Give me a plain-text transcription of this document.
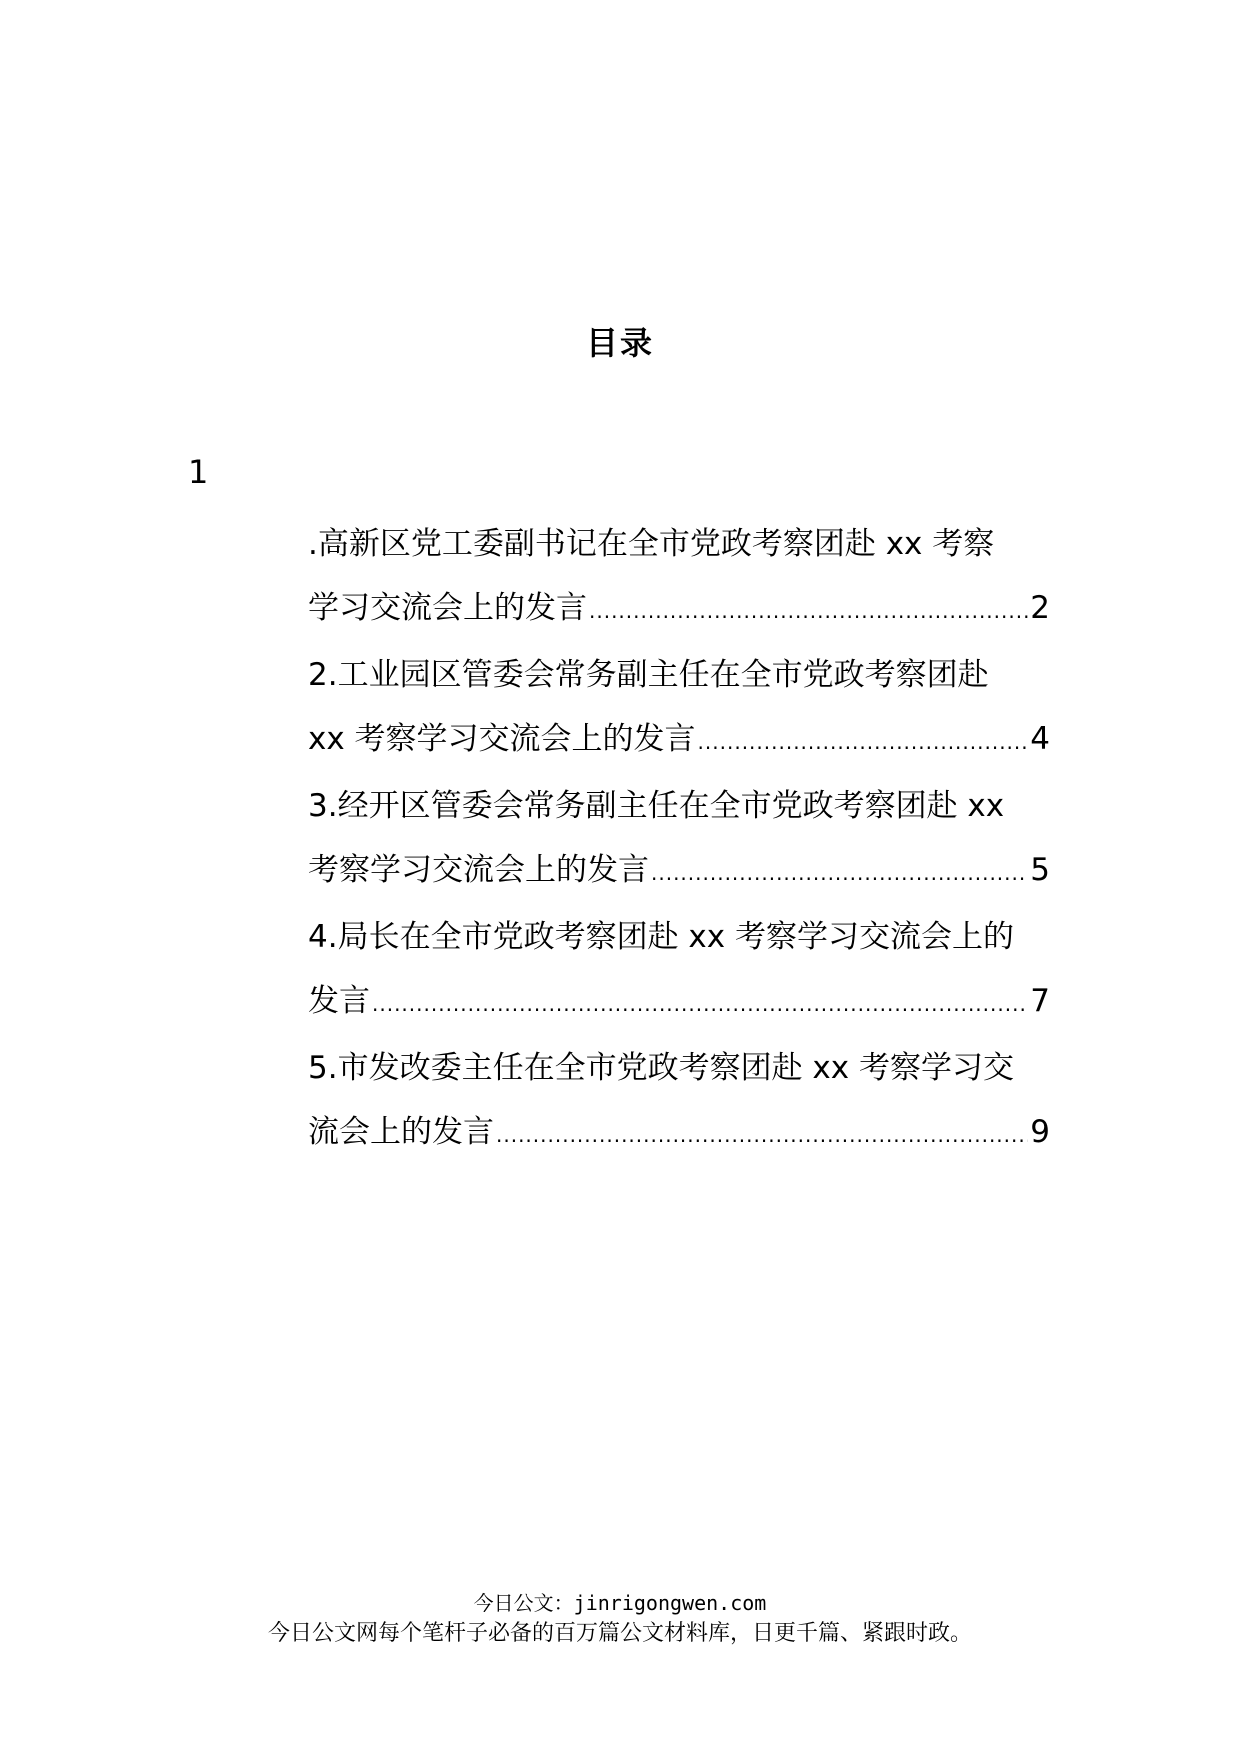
目录
1
.高新区党工委副书记在全市党政考察团赴 xx 考察
学习交流会上的发言 .....	2
2.工业园区管委会常务副主任在全市党政考察团赴
xx 考察学习交流会上的发言 .....	4
3.经开区管委会常务副主任在全市党政考察团赴 xx
考察学习交流会上的发言 .....	5
4.局长在全市党政考察团赴 xx 考察学习交流会上的
发言 .....	7
5.市发改委主任在全市党政考察团赴 xx 考察学习交
流会上的发言 .....	9
今日公文：jinrigongwen.com
今日公文网每个笔杆子必备的百万篇公文材料库，日更千篇、紧跟时政。
